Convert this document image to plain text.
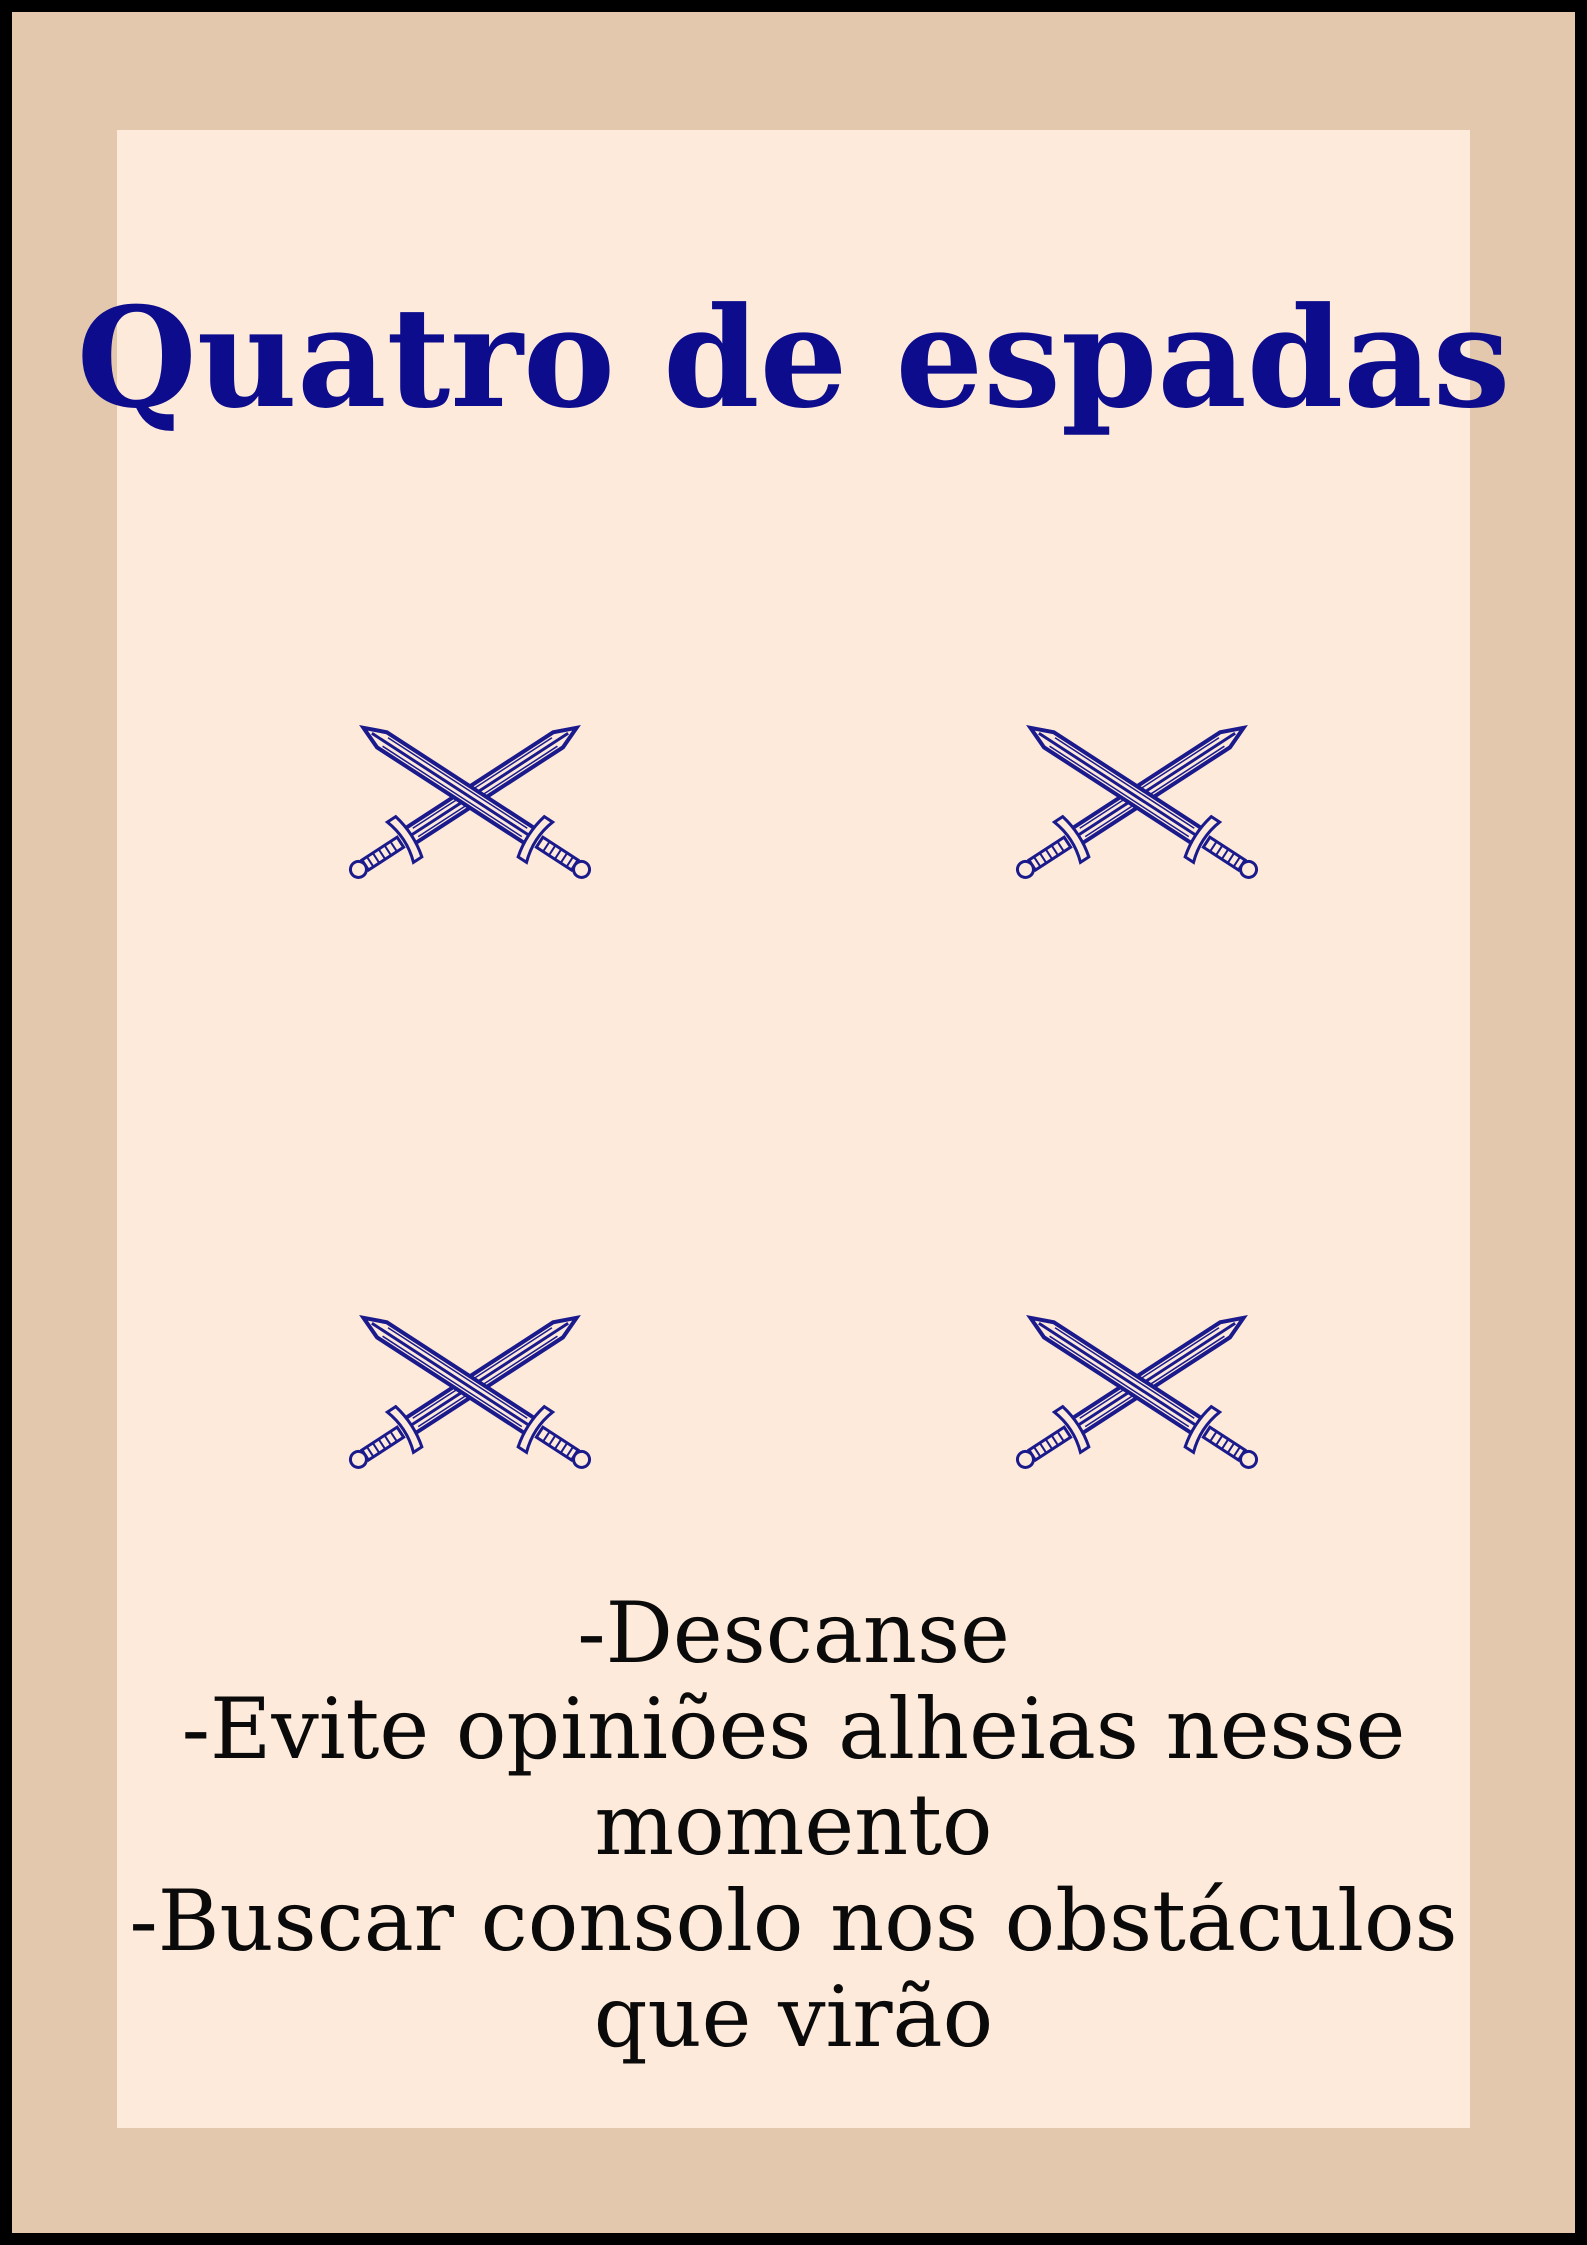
Quatro de espadas
-Descanse
-Evite opiniões alheias nesse momento
-Buscar consolo nos obstáculos que virão
